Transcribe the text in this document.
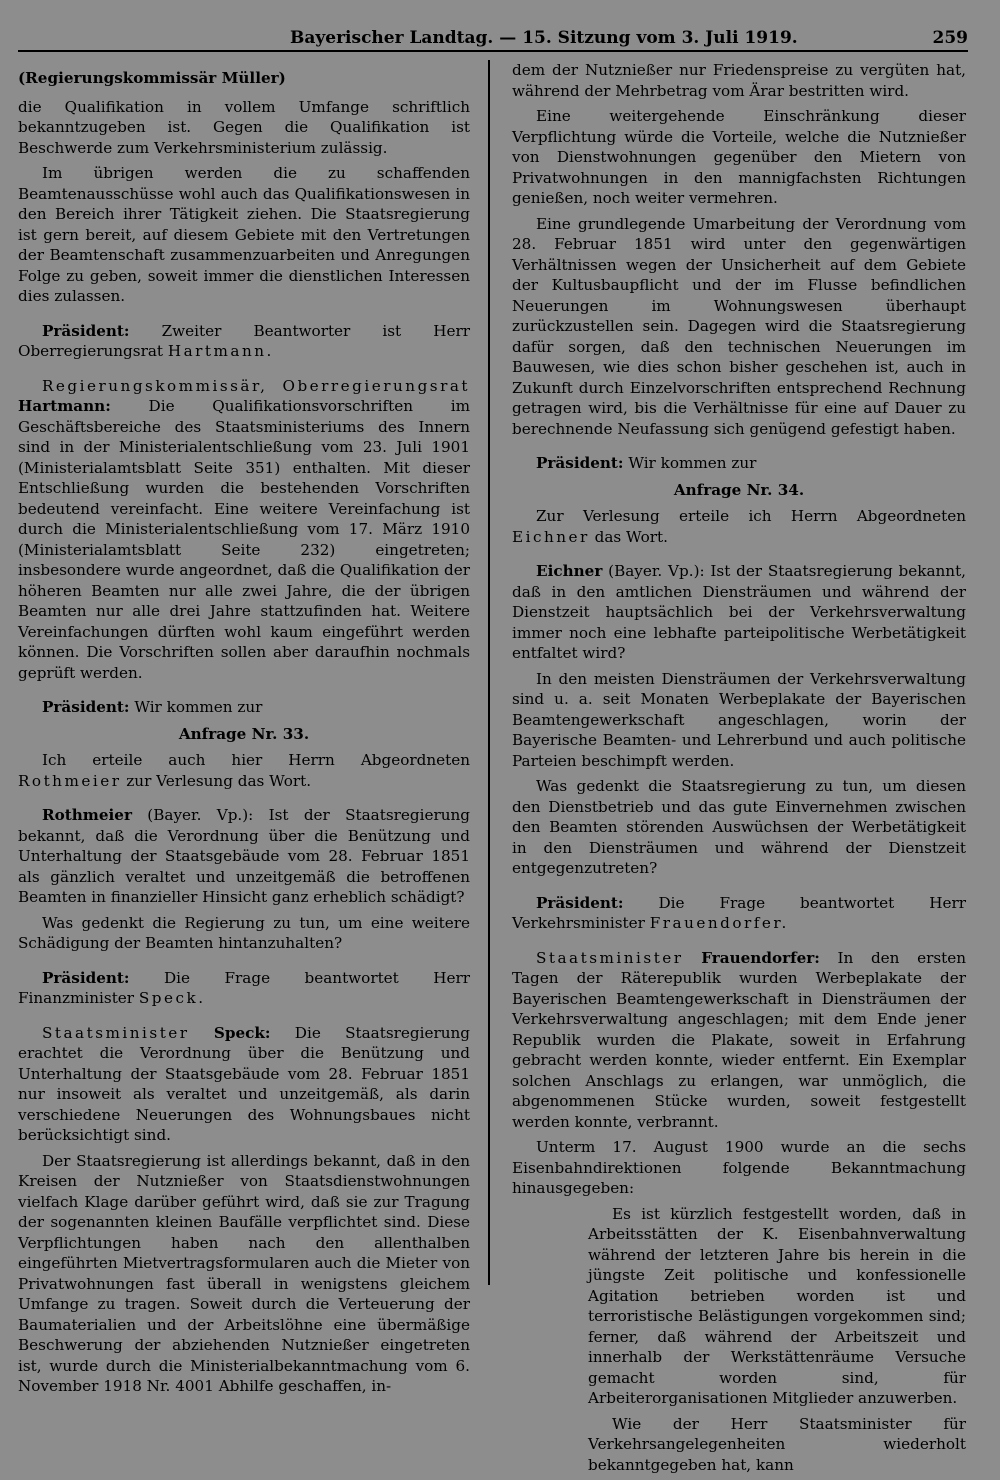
Bayerischer Landtag. — 15. Sitzung vom 3. Juli 1919.	259

(Regierungskommissär Müller)

die Qualifikation in vollem Umfange schriftlich bekanntzugeben ist. Gegen die Qualifikation ist Beschwerde zum Verkehrsministerium zulässig.

Im übrigen werden die zu schaffenden Beamtenausschüsse wohl auch das Qualifikationswesen in den Bereich ihrer Tätigkeit ziehen. Die Staatsregierung ist gern bereit, auf diesem Gebiete mit den Vertretungen der Beamtenschaft zusammenzuarbeiten und Anregungen Folge zu geben, soweit immer die dienstlichen Interessen dies zulassen.

Präsident: Zweiter Beantworter ist Herr Oberregierungsrat Hartmann.

Regierungskommissär, Oberregierungsrat Hartmann: Die Qualifikationsvorschriften im Geschäftsbereiche des Staatsministeriums des Innern sind in der Ministerialentschließung vom 23. Juli 1901 (Ministerialamtsblatt Seite 351) enthalten. Mit dieser Entschließung wurden die bestehenden Vorschriften bedeutend vereinfacht. Eine weitere Vereinfachung ist durch die Ministerialentschließung vom 17. März 1910 (Ministerialamtsblatt Seite 232) eingetreten; insbesondere wurde angeordnet, daß die Qualifikation der höheren Beamten nur alle zwei Jahre, die der übrigen Beamten nur alle drei Jahre stattzufinden hat. Weitere Vereinfachungen dürften wohl kaum eingeführt werden können. Die Vorschriften sollen aber daraufhin nochmals geprüft werden.

Präsident: Wir kommen zur

Anfrage Nr. 33.

Ich erteile auch hier Herrn Abgeordneten Rothmeier zur Verlesung das Wort.

Rothmeier (Bayer. Vp.): Ist der Staatsregierung bekannt, daß die Verordnung über die Benützung und Unterhaltung der Staatsgebäude vom 28. Februar 1851 als gänzlich veraltet und unzeitgemäß die betroffenen Beamten in finanzieller Hinsicht ganz erheblich schädigt?

Was gedenkt die Regierung zu tun, um eine weitere Schädigung der Beamten hintanzuhalten?

Präsident: Die Frage beantwortet Herr Finanzminister Speck.

Staatsminister Speck: Die Staatsregierung erachtet die Verordnung über die Benützung und Unterhaltung der Staatsgebäude vom 28. Februar 1851 nur insoweit als veraltet und unzeitgemäß, als darin verschiedene Neuerungen des Wohnungsbaues nicht berücksichtigt sind.

Der Staatsregierung ist allerdings bekannt, daß in den Kreisen der Nutznießer von Staatsdienstwohnungen vielfach Klage darüber geführt wird, daß sie zur Tragung der sogenannten kleinen Baufälle verpflichtet sind. Diese Verpflichtungen haben nach den allenthalben eingeführten Mietvertragsformularen auch die Mieter von Privatwohnungen fast überall in wenigstens gleichem Umfange zu tragen. Soweit durch die Verteuerung der Baumaterialien und der Arbeitslöhne eine übermäßige Beschwerung der abziehenden Nutznießer eingetreten ist, wurde durch die Ministerialbekanntmachung vom 6. November 1918 Nr. 4001 Abhilfe geschaffen, in-

dem der Nutznießer nur Friedenspreise zu vergüten hat, während der Mehrbetrag vom Ärar bestritten wird.

Eine weitergehende Einschränkung dieser Verpflichtung würde die Vorteile, welche die Nutznießer von Dienstwohnungen gegenüber den Mietern von Privatwohnungen in den mannigfachsten Richtungen genießen, noch weiter vermehren.

Eine grundlegende Umarbeitung der Verordnung vom 28. Februar 1851 wird unter den gegenwärtigen Verhältnissen wegen der Unsicherheit auf dem Gebiete der Kultusbaupflicht und der im Flusse befindlichen Neuerungen im Wohnungswesen überhaupt zurückzustellen sein. Dagegen wird die Staatsregierung dafür sorgen, daß den technischen Neuerungen im Bauwesen, wie dies schon bisher geschehen ist, auch in Zukunft durch Einzelvorschriften entsprechend Rechnung getragen wird, bis die Verhältnisse für eine auf Dauer zu berechnende Neufassung sich genügend gefestigt haben.

Präsident: Wir kommen zur

Anfrage Nr. 34.

Zur Verlesung erteile ich Herrn Abgeordneten Eichner das Wort.

Eichner (Bayer. Vp.): Ist der Staatsregierung bekannt, daß in den amtlichen Diensträumen und während der Dienstzeit hauptsächlich bei der Verkehrsverwaltung immer noch eine lebhafte parteipolitische Werbetätigkeit entfaltet wird?

In den meisten Diensträumen der Verkehrsverwaltung sind u. a. seit Monaten Werbeplakate der Bayerischen Beamtengewerkschaft angeschlagen, worin der Bayerische Beamten- und Lehrerbund und auch politische Parteien beschimpft werden.

Was gedenkt die Staatsregierung zu tun, um diesen den Dienstbetrieb und das gute Einvernehmen zwischen den Beamten störenden Auswüchsen der Werbetätigkeit in den Diensträumen und während der Dienstzeit entgegenzutreten?

Präsident: Die Frage beantwortet Herr Verkehrsminister Frauendorfer.

Staatsminister Frauendorfer: In den ersten Tagen der Räterepublik wurden Werbeplakate der Bayerischen Beamtengewerkschaft in Diensträumen der Verkehrsverwaltung angeschlagen; mit dem Ende jener Republik wurden die Plakate, soweit in Erfahrung gebracht werden konnte, wieder entfernt. Ein Exemplar solchen Anschlags zu erlangen, war unmöglich, die abgenommenen Stücke wurden, soweit festgestellt werden konnte, verbrannt.

Unterm 17. August 1900 wurde an die sechs Eisenbahndirektionen folgende Bekanntmachung hinausgegeben:

Es ist kürzlich festgestellt worden, daß in Arbeitsstätten der K. Eisenbahnverwaltung während der letzteren Jahre bis herein in die jüngste Zeit politische und konfessionelle Agitation betrieben worden ist und terroristische Belästigungen vorgekommen sind; ferner, daß während der Arbeitszeit und innerhalb der Werkstättenräume Versuche gemacht worden sind, für Arbeiterorganisationen Mitglieder anzuwerben.

Wie der Herr Staatsminister für Verkehrsangelegenheiten wiederholt bekanntgegeben hat, kann
